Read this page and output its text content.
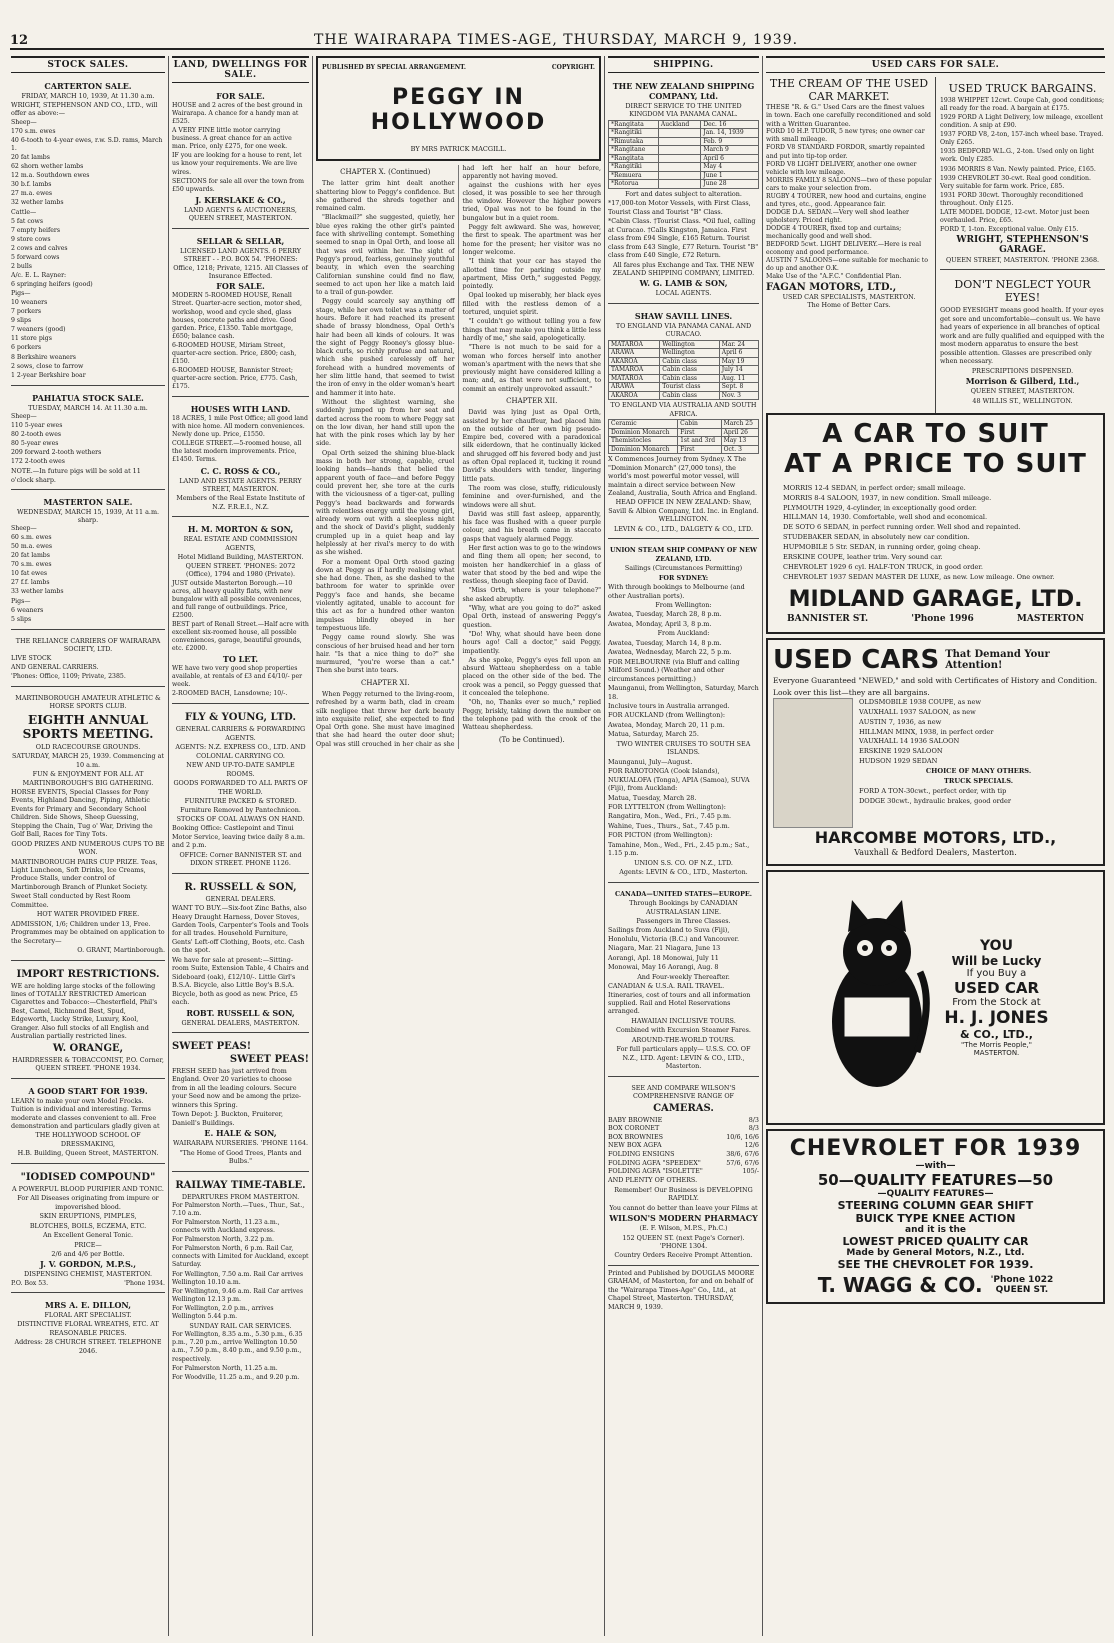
12	THE WAIRARAPA TIMES-AGE, THURSDAY, MARCH 9, 1939.
STOCK SALES.
CARTERTON SALE.
FRIDAY, MARCH 10, 1939, At 11.30 a.m.

WRIGHT, STEPHENSON AND CO., LTD., will offer as above:—

Sheep—

170 s.m. ewes

40 6-tooth to 4-year ewes, r.w. S.D. rams, March 1.

20 fat lambs

62 shorn wether lambs

12 m.a. Southdown ewes

30 b.f. lambs

27 m.a. ewes

32 wether lambs

Cattle—

5 fat cows

7 empty heifers

9 store cows

2 cows and calves

5 forward cows

2 bulls

A/c. E. L. Rayner:

6 springing heifers (good)

Pigs—

10 weaners

7 porkers

9 slips

7 weaners (good)

11 store pigs

6 porkers

8 Berkshire weaners

2 sows, close to farrow

1 2-year Berkshire boar

PAHIATUA STOCK SALE.
TUESDAY, MARCH 14. At 11.30 a.m.

Sheep—

110 5-year ewes

80 2-tooth ewes

80 5-year ewes

209 forward 2-tooth wethers

172 2-tooth ewes

NOTE.—In future pigs will be sold at 11 o'clock sharp.

MASTERTON SALE.
WEDNESDAY, MARCH 15, 1939, At 11 a.m. sharp.

Sheep—

60 s.m. ewes

50 m.a. ewes

20 fat lambs

70 s.m. ewes

10 fat ewes

27 f.f. lambs

33 wether lambs

Pigs—

6 weaners

5 slips

THE RELIANCE CARRIERS OF WAIRARAPA SOCIETY, LTD.

LIVE STOCK

AND GENERAL CARRIERS.

'Phones: Office, 1109; Private, 2385.

MARTINBOROUGH AMATEUR ATHLETIC & HORSE SPORTS CLUB.

EIGHTH ANNUAL SPORTS MEETING.

OLD RACECOURSE GROUNDS.

SATURDAY, MARCH 25, 1939. Commencing at 10 a.m.

FUN & ENJOYMENT FOR ALL AT MARTINBOROUGH'S BIG GATHERING.

HORSE EVENTS, Special Classes for Pony Events, Highland Dancing, Piping, Athletic Events for Primary and Secondary School Children. Side Shows, Sheep Guessing, Stepping the Chain, Tug o' War, Driving the Golf Ball, Races for Tiny Tots.

GOOD PRIZES AND NUMEROUS CUPS TO BE WON.

MARTINBOROUGH PAIRS CUP PRIZE. Teas, Light Luncheon, Soft Drinks, Ice Creams, Produce Stalls, under control of Martinborough Branch of Plunket Society.

Sweet Stall conducted by Rest Room Committee.

HOT WATER PROVIDED FREE.

ADMISSION, 1/6; Children under 13, Free. Programmes may be obtained on application to the Secretary—

O. GRANT, Martinborough.

IMPORT RESTRICTIONS.

WE are holding large stocks of the following lines of TOTALLY RESTRICTED American Cigarettes and Tobacco:—Chesterfield, Phil's Best, Camel, Richmond Best, Spud, Edgeworth, Lucky Strike, Luxury, Kool, Granger. Also full stocks of all English and Australian partially restricted lines.

W. ORANGE,

HAIRDRESSER & TOBACCONIST, P.O. Corner, QUEEN STREET. 'PHONE 1934.

A GOOD START FOR 1939.

LEARN to make your own Model Frocks. Tuition is individual and interesting. Terms moderate and classes convenient to all. Free demonstration and particulars gladly given at

THE HOLLYWOOD SCHOOL OF DRESSMAKING,

H.B. Building, Queen Street, MASTERTON.

"IODISED COMPOUND"

A POWERFUL BLOOD PURIFIER AND TONIC.

For All Diseases originating from impure or impoverished blood.

SKIN ERUPTIONS, PIMPLES,

BLOTCHES, BOILS, ECZEMA, ETC.

An Excellent General Tonic.

PRICE—

2/6 and 4/6 per Bottle.

J. V. GORDON, M.P.S.,

DISPENSING CHEMIST, MASTERTON.

P.O. Box 53.	'Phone 1934.
MRS A. E. DILLON,

FLORAL ART SPECIALIST.

DISTINCTIVE FLORAL WREATHS, ETC. AT REASONABLE PRICES.

Address: 28 CHURCH STREET. TELEPHONE 2046.

LAND, DWELLINGS FOR SALE.
FOR SALE.

HOUSE and 2 acres of the best ground in Wairarapa. A chance for a handy man at £525.

A VERY FINE little motor carrying business. A great chance for an active man. Price, only £275, for one week.

IF you are looking for a house to rent, let us know your requirements. We are live wires.

SECTIONS for sale all over the town from £50 upwards.

J. KERSLAKE & CO.,

LAND AGENTS & AUCTIONEERS, QUEEN STREET, MASTERTON.

SELLAR & SELLAR,

LICENSED LAND AGENTS. 6 PERRY STREET - - P.O. BOX 54. 'PHONES: Office, 1218; Private, 1215. All Classes of Insurance Effected.

FOR SALE.

MODERN 5-ROOMED HOUSE, Renall Street. Quarter-acre section, motor shed, workshop, wood and cycle shed, glass houses, concrete paths and drive. Good garden. Price, £1350. Table mortgage, £650; balance cash.

6-ROOMED HOUSE, Miriam Street, quarter-acre section. Price, £800; cash, £150.

6-ROOMED HOUSE, Bannister Street; quarter-acre section. Price, £775. Cash, £175.

HOUSES WITH LAND.

18 ACRES, 1 mile Post Office; all good land with nice home. All modern conveniences. Newly done up. Price, £1550.

COLLEGE STREET.—5-roomed house, all the latest modern improvements. Price, £1450. Terms.

C. C. ROSS & CO.,

LAND AND ESTATE AGENTS. PERRY STREET, MASTERTON.

Members of the Real Estate Institute of N.Z. F.R.E.I., N.Z.

H. M. MORTON & SON,

REAL ESTATE AND COMMISSION AGENTS,

Hotel Midland Building, MASTERTON. QUEEN STREET. 'PHONES: 2072 (Office), 1794 and 1980 (Private).

JUST outside Masterton Borough.—10 acres, all heavy quality flats, with new bungalow with all possible conveniences, and full range of outbuildings. Price, £2500.

BEST part of Renall Street.—Half acre with excellent six-roomed house, all possible conveniences, garage, beautiful grounds, etc. £2000.

TO LET.

WE have two very good shop properties available, at rentals of £3 and £4/10/- per week.

2-ROOMED BACH, Lansdowne; 10/-.

FLY & YOUNG, LTD.

GENERAL CARRIERS & FORWARDING AGENTS.

AGENTS: N.Z. EXPRESS CO., LTD. AND COLONIAL CARRYING CO.

NEW AND UP-TO-DATE SAMPLE ROOMS.

GOODS FORWARDED TO ALL PARTS OF THE WORLD.

FURNITURE PACKED & STORED. Furniture Removed by Pantechnicon.

STOCKS OF COAL ALWAYS ON HAND.

Booking Office: Castlepoint and Tinui Motor Service, leaving twice daily 8 a.m. and 2 p.m.

OFFICE: Corner BANNISTER ST. and DIXON STREET. PHONE 1126.

R. RUSSELL & SON,

GENERAL DEALERS.

WANT TO BUY.—Six-foot Zinc Baths, also Heavy Draught Harness, Dover Stoves, Garden Tools, Carpenter's Tools and Tools for all trades. Household Furniture, Gents' Left-off Clothing, Boots, etc. Cash on the spot.

We have for sale at present:—Sitting-room Suite, Extension Table, 4 Chairs and Sideboard (oak), £12/10/-. Little Girl's B.S.A. Bicycle, also Little Boy's B.S.A. Bicycle, both as good as new. Price, £5 each.

ROBT. RUSSELL & SON,

GENERAL DEALERS, MASTERTON.

SWEET PEAS!
SWEET PEAS!

FRESH SEED has just arrived from England. Over 20 varieties to choose from in all the leading colours. Secure your Seed now and be among the prize-winners this Spring.

Town Depot: J. Buckton, Fruiterer, Daniell's Buildings.

E. HALE & SON,

WAIRARAPA NURSERIES. 'PHONE 1164.

"The Home of Good Trees, Plants and Bulbs."

RAILWAY TIME-TABLE.

DEPARTURES FROM MASTERTON.

For Palmerston North.—Tues., Thur., Sat., 7.10 a.m.

For Palmerston North, 11.23 a.m., connects with Auckland express.

For Palmerston North, 3.22 p.m.

For Palmerston North, 6 p.m. Rail Car, connects with Limited for Auckland, except Saturday.

For Wellington, 7.50 a.m. Rail Car arrives Wellington 10.10 a.m.

For Wellington, 9.46 a.m. Rail Car arrives Wellington 12.13 p.m.

For Wellington, 2.0 p.m., arrives Wellington 5.44 p.m.

SUNDAY RAIL CAR SERVICES.

For Wellington, 8.35 a.m., 5.30 p.m., 6.35 p.m., 7.20 p.m., arrive Wellington 10.50 a.m., 7.50 p.m., 8.40 p.m., and 9.50 p.m., respectively.

For Palmerston North, 11.25 a.m.

For Woodville, 11.25 a.m., and 9.20 p.m.

PUBLISHED BY SPECIAL ARRANGEMENT.	COPYRIGHT.
PEGGY IN HOLLYWOOD
BY MRS PATRICK MACGILL.

CHAPTER X. (Continued)

The latter grim hint dealt another shattering blow to Peggy's confidence. But she gathered the shreds together and remained calm.

"Blackmail?" she suggested, quietly, her blue eyes raking the other girl's painted face with shrivelling contempt. Something seemed to snap in Opal Orth, and loose all that was evil within her. The sight of Peggy's proud, fearless, genuinely youthful beauty, in which even the searching Californian sunshine could find no flaw, seemed to act upon her like a match laid to a trail of gun-powder.

Peggy could scarcely say anything off stage, while her own toilet was a matter of hours. Before it had reached its present shade of brassy blondness, Opal Orth's hair had been all kinds of colours. It was the sight of Peggy Rooney's glossy blue-black curls, so richly profuse and natural, which she pushed carelessly off her forehead with a hundred movements of her slim little hand, that seemed to twist the iron of envy in the older woman's heart and hammer it into hate.

Without the slightest warning, she suddenly jumped up from her seat and darted across the room to where Peggy sat on the low divan, her hand still upon the hat with the pink roses which lay by her side.

Opal Orth seized the shining blue-black mass in both her strong, capable, cruel looking hands—hands that belied the apparent youth of face—and before Peggy could prevent her, she tore at the curls with the viciousness of a tiger-cat, pulling Peggy's head backwards and forwards with relentless energy until the young girl, already worn out with a sleepless night and the shock of David's plight, suddenly crumpled up in a quiet heap and lay helplessly at her rival's mercy to do with as she wished.

For a moment Opal Orth stood gazing down at Peggy as if hardly realising what she had done. Then, as she dashed to the bathroom for water to sprinkle over Peggy's face and hands, she became violently agitated, unable to account for this act as for a hundred other wanton impulses blindly obeyed in her tempestuous life.

Peggy came round slowly. She was conscious of her bruised head and her torn hair. "Is that a nice thing to do?" she murmured, "you're worse than a cat." Then she burst into tears.

CHAPTER XI.

When Peggy returned to the living-room, refreshed by a warm bath, clad in cream silk negligee that threw her dark beauty into exquisite relief, she expected to find Opal Orth gone. She must have imagined that she had heard the outer door shut; Opal was still crouched in her chair as she had left her half an hour before, apparently not having moved.

against the cushions with her eyes closed, it was possible to see her through the window. However the higher powers tried, Opal was not to be found in the bungalow but in a quiet room.

Peggy felt awkward. She was, however, the first to speak. The apartment was her home for the present; her visitor was no longer welcome.

"I think that your car has stayed the allotted time for parking outside my apartment, Miss Orth," suggested Peggy, pointedly.

Opal looked up miserably, her black eyes filled with the restless demon of a tortured, unquiet spirit.

"I couldn't go without telling you a few things that may make you think a little less hardly of me," she said, apologetically.

"There is not much to be said for a woman who forces herself into another woman's apartment with the news that she previously might have considered killing a man; and, as that were not sufficient, to commit an entirely unprovoked assault."

CHAPTER XII.

David was lying just as Opal Orth, assisted by her chauffeur, had placed him on the outside of her own big pseudo-Empire bed, covered with a paradoxical silk eiderdown, that he continually kicked and shrugged off his fevered body and just as often Opal replaced it, tucking it round David's shoulders with tender, lingering little pats.

The room was close, stuffy, ridiculously feminine and over-furnished, and the windows were all shut.

David was still fast asleep, apparently, his face was flushed with a queer purple colour, and his breath came in staccato gasps that vaguely alarmed Peggy.

Her first action was to go to the windows and fling them all open; her second, to moisten her handkerchief in a glass of water that stood by the bed and wipe the restless, though sleeping face of David.

"Miss Orth, where is your telephone?" she asked abruptly.

"Why, what are you going to do?" asked Opal Orth, instead of answering Peggy's question.

"Do! Why, what should have been done hours ago! Call a doctor," said Peggy, impatiently.

As she spoke, Peggy's eyes fell upon an absurd Watteau shepherdess on a table placed on the other side of the bed. The crook was a pencil, so Peggy guessed that it concealed the telephone.

"Oh, no, Thanks ever so much," replied Peggy, briskly, taking down the number on the telephone pad with the crook of the Watteau shepherdess.

(To be Continued).

SHIPPING.
THE NEW ZEALAND SHIPPING COMPANY, Ltd.

DIRECT SERVICE TO THE UNITED KINGDOM VIA PANAMA CANAL.

*Rangitata	Auckland	Dec. 16
*Rangitiki		Jan. 14, 1939
*Rimutaka		Feb. 9
*Rangitane		March 9
*Rangitata		April 6
*Rangitiki		May 4
*Remuera		June 1
*Rotorua		June 28

Fort and dates subject to alteration.

*17,000-ton Motor Vessels, with First Class, Tourist Class and Tourist "B" Class.

*Cabin Class. †Tourist Class. *Oil fuel, calling at Curacao. †Calls Kingston, Jamaica. First class from £94 Single, £165 Return. Tourist class from £43 Single, £77 Return. Tourist "B" class from £40 Single, £72 Return.

All fares plus Exchange and Tax. THE NEW ZEALAND SHIPPING COMPANY, LIMITED.

W. G. LAMB & SON,

LOCAL AGENTS.

SHAW SAVILL LINES.

TO ENGLAND VIA PANAMA CANAL AND CURACAO.

MATAROA	Wellington	Mar. 24
ARAWA	Wellington	April 6
AKAROA	Cabin class	May 19
TAMAROA	Cabin class	July 14
MATAROA	Cabin class	Aug. 11
ARAWA	Tourist class	Sept. 8
AKAROA	Cabin class	Nov. 3

TO ENGLAND VIA AUSTRALIA AND SOUTH AFRICA.

Ceramic	Cabin	March 25
Dominion Monarch	First	April 26
Themistocles	1st and 3rd	May 13
Dominion Monarch	First	Oct. 3

X Commences Journey from Sydney. X The "Dominion Monarch" (27,000 tons), the world's most powerful motor vessel, will maintain a direct service between New Zealand, Australia, South Africa and England.

HEAD OFFICE IN NEW ZEALAND: Shaw, Savill & Albion Company, Ltd. Inc. in England. WELLINGTON.

LEVIN & CO., LTD., DALGETY & CO., LTD.

UNION STEAM SHIP COMPANY OF NEW ZEALAND, LTD.

Sailings (Circumstances Permitting)

FOR SYDNEY:

With through bookings to Melbourne (and other Australian ports).

From Wellington:

Awatea, Tuesday, March 28, 8 p.m.

Awatea, Monday, April 3, 8 p.m.

From Auckland:

Awatea, Tuesday, March 14, 8 p.m.

Awatea, Wednesday, March 22, 5 p.m.

FOR MELBOURNE (via Bluff and calling Milford Sound.) (Weather and other circumstances permitting.)

Maunganui, from Wellington, Saturday, March 18.

Inclusive tours in Australia arranged.

FOR AUCKLAND (from Wellington):

Awatea, Monday, March 20, 11 p.m.

Matua, Saturday, March 25.

TWO WINTER CRUISES TO SOUTH SEA ISLANDS.

Maunganui, July—August.

FOR RAROTONGA (Cook Islands), NUKUALOFA (Tonga), APIA (Samoa), SUVA (Fiji), from Auckland:

Matua, Tuesday, March 28.

FOR LYTTELTON (from Wellington):

Rangatira, Mon., Wed., Fri., 7.45 p.m.

Wahine, Tues., Thurs., Sat., 7.45 p.m.

FOR PICTON (from Wellington):

Tamahine, Mon., Wed., Fri., 2.45 p.m.; Sat., 1.15 p.m.

UNION S.S. CO. OF N.Z., LTD.

Agents: LEVIN & CO., LTD., Masterton.

CANADA—UNITED STATES—EUROPE.

Through Bookings by CANADIAN AUSTRALASIAN LINE.

Passengers in Three Classes.

Sailings from Auckland to Suva (Fiji), Honolulu, Victoria (B.C.) and Vancouver.

Niagara, Mar. 21 Niagara, June 13

Aorangi, Apl. 18 Monowai, July 11

Monowai, May 16 Aorangi, Aug. 8

And Four-weekly Thereafter.

CANADIAN & U.S.A. RAIL TRAVEL. Itineraries, cost of tours and all information supplied. Rail and Hotel Reservations arranged.

HAWAIIAN INCLUSIVE TOURS.

Combined with Excursion Steamer Fares.

AROUND-THE-WORLD TOURS.

For full particulars apply— U.S.S. CO. OF N.Z., LTD. Agent: LEVIN & CO., LTD., Masterton.

SEE AND COMPARE WILSON'S COMPREHENSIVE RANGE OF

CAMERAS.
BABY BROWNIE	8/3
BOX CORONET	8/3
BOX BROWNIES	10/6, 16/6
NEW BOX AGFA	12/6
FOLDING ENSIGNS	38/6, 67/6
FOLDING AGFA "SPEEDEX"	57/6, 67/6
FOLDING AGFA "ISOLETTE"	105/-
AND PLENTY OF OTHERS.	

Remember! Our Business is DEVELOPING RAPIDLY.

You cannot do better than leave your Films at

WILSON'S MODERN PHARMACY

(E. F. Wilson, M.P.S., Ph.C.)

152 QUEEN ST. (next Page's Corner). 'PHONE 1304.

Country Orders Receive Prompt Attention.

Printed and Published by DOUGLAS MOORE GRAHAM, of Masterton, for and on behalf of the "Wairarapa Times-Age" Co., Ltd., at Chapel Street, Masterton. THURSDAY, MARCH 9, 1939.

USED CARS FOR SALE.
THE CREAM OF THE USED CAR MARKET.

THESE "R. & G." Used Cars are the finest values in town. Each one carefully reconditioned and sold with a Written Guarantee.

FORD 10 H.P. TUDOR, 5 new tyres; one owner car with small mileage.

FORD V8 STANDARD FORDOR, smartly repainted and put into tip-top order.

FORD V8 LIGHT DELIVERY, another one owner vehicle with low mileage.

MORRIS FAMILY 8 SALOONS—two of these popular cars to make your selection from.

RUGBY 4 TOURER, new hood and curtains, engine and tyres, etc., good. Appearance fair.

DODGE D.A. SEDAN.—Very well shod leather upholstery. Priced right.

DODGE 4 TOURER, fixed top and curtains; mechanically good and well shod.

BEDFORD 5cwt. LIGHT DELIVERY.—Here is real economy and good performance.

AUSTIN 7 SALOONS—one suitable for mechanic to do up and another O.K.

Make Use of the "A.F.C." Confidential Plan.

FAGAN MOTORS, LTD.,

USED CAR SPECIALISTS, MASTERTON.

The Home of Better Cars.

USED TRUCK BARGAINS.

1938 WHIPPET 12cwt. Coupe Cab, good conditions; all ready for the road. A bargain at £175.

1929 FORD A Light Delivery, low mileage, excellent condition. A snip at £90.

1937 FORD V8, 2-ton, 157-inch wheel base. Trayed. Only £265.

1935 BEDFORD W.L.G., 2-ton. Used only on light work. Only £285.

1936 MORRIS 8 Van. Newly painted. Price, £165.

1939 CHEVROLET 30-cwt. Real good condition. Very suitable for farm work. Price, £85.

1931 FORD 30cwt. Thoroughly reconditioned throughout. Only £125.

LATE MODEL DODGE, 12-cwt. Motor just been overhauled. Price, £65.

FORD T, 1-ton. Exceptional value. Only £15.

WRIGHT, STEPHENSON'S GARAGE.

QUEEN STREET, MASTERTON. 'PHONE 2368.

DON'T NEGLECT YOUR EYES!

GOOD EYESIGHT means good health. If your eyes get sore and uncomfortable—consult us. We have had years of experience in all branches of optical work and are fully qualified and equipped with the most modern apparatus to ensure the best possible attention. Glasses are prescribed only when necessary.

PRESCRIPTIONS DISPENSED.

Morrison & Gilberd, Ltd.,

QUEEN STREET, MASTERTON.

48 WILLIS ST., WELLINGTON.

A CAR TO SUIT
AT A PRICE TO SUIT

MORRIS 12-4 SEDAN, in perfect order; small mileage.

MORRIS 8-4 SALOON, 1937, in new condition. Small mileage.

PLYMOUTH 1929, 4-cylinder, in exceptionally good order.

HILLMAN 14, 1930. Comfortable, well shod and economical.

DE SOTO 6 SEDAN, in perfect running order. Well shod and repainted.

STUDEBAKER SEDAN, in absolutely new car condition.

HUPMOBILE 5 Str. SEDAN, in running order, going cheap.

ERSKINE COUPE, leather trim. Very sound car.

CHEVROLET 1929 6 cyl. HALF-TON TRUCK, in good order.

CHEVROLET 1937 SEDAN MASTER DE LUXE, as new. Low mileage. One owner.

MIDLAND GARAGE, LTD.
BANNISTER ST.	'Phone 1996	MASTERTON
USED CARS That Demand Your Attention!

Everyone Guaranteed "NEWED," and sold with Certificates of History and Condition. Look over this list—they are all bargains.

OLDSMOBILE 1938 COUPE, as new

VAUXHALL 1937 SALOON, as new

AUSTIN 7, 1936, as new

HILLMAN MINX, 1938, in perfect order

VAUXHALL 14 1936 SALOON

ERSKINE 1929 SALOON

HUDSON 1929 SEDAN

CHOICE OF MANY OTHERS.

TRUCK SPECIALS.

FORD A TON-30cwt., perfect order, with tip

DODGE 30cwt., hydraulic brakes, good order

HARCOMBE MOTORS, LTD.,

Vauxhall & Bedford Dealers, Masterton.

YOU
Will be Lucky
If you Buy a
USED CAR
From the Stock at
H. J. JONES
& CO., LTD.,
"The Morris People,"
MASTERTON.
CHEVROLET FOR 1939
—with—
50—QUALITY FEATURES—50
—QUALITY FEATURES—
STEERING COLUMN GEAR SHIFT
BUICK TYPE KNEE ACTION
and it is the
LOWEST PRICED QUALITY CAR
Made by General Motors, N.Z., Ltd.
SEE THE CHEVROLET FOR 1939.
T. WAGG & CO. 'Phone 1022
QUEEN ST.
